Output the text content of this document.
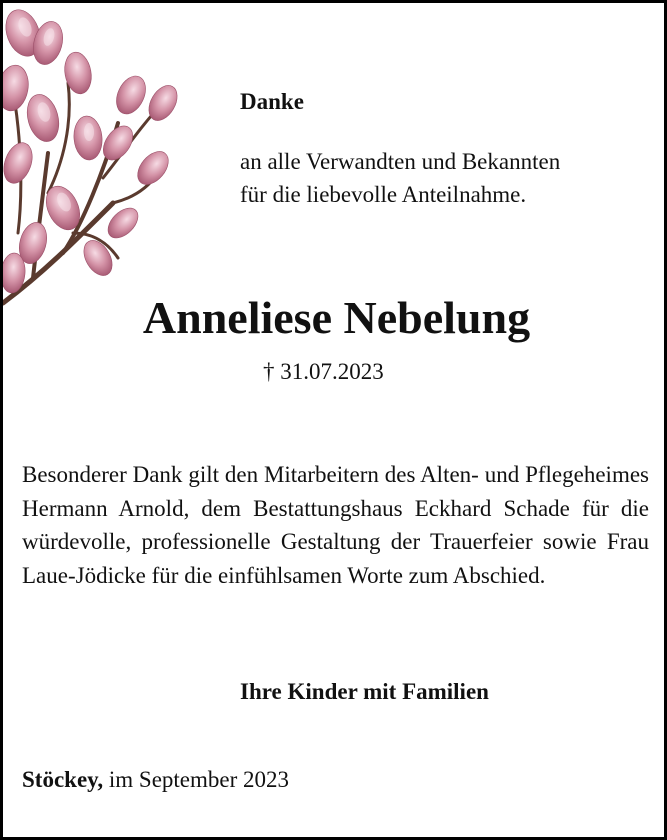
Danke
an alle Verwandten und Bekannten
für die liebevolle Anteilnahme.
Anneliese Nebelung
† 31.07.2023
Besonderer Dank gilt den Mitarbeitern des Alten- und Pflegeheimes Hermann Arnold, dem Bestattungshaus Eckhard Schade für die würdevolle, professionelle Gestaltung der Trauerfeier sowie Frau Laue-Jödicke für die einfühlsamen Worte zum Abschied.
Ihre Kinder mit Familien
Stöckey, im September 2023
